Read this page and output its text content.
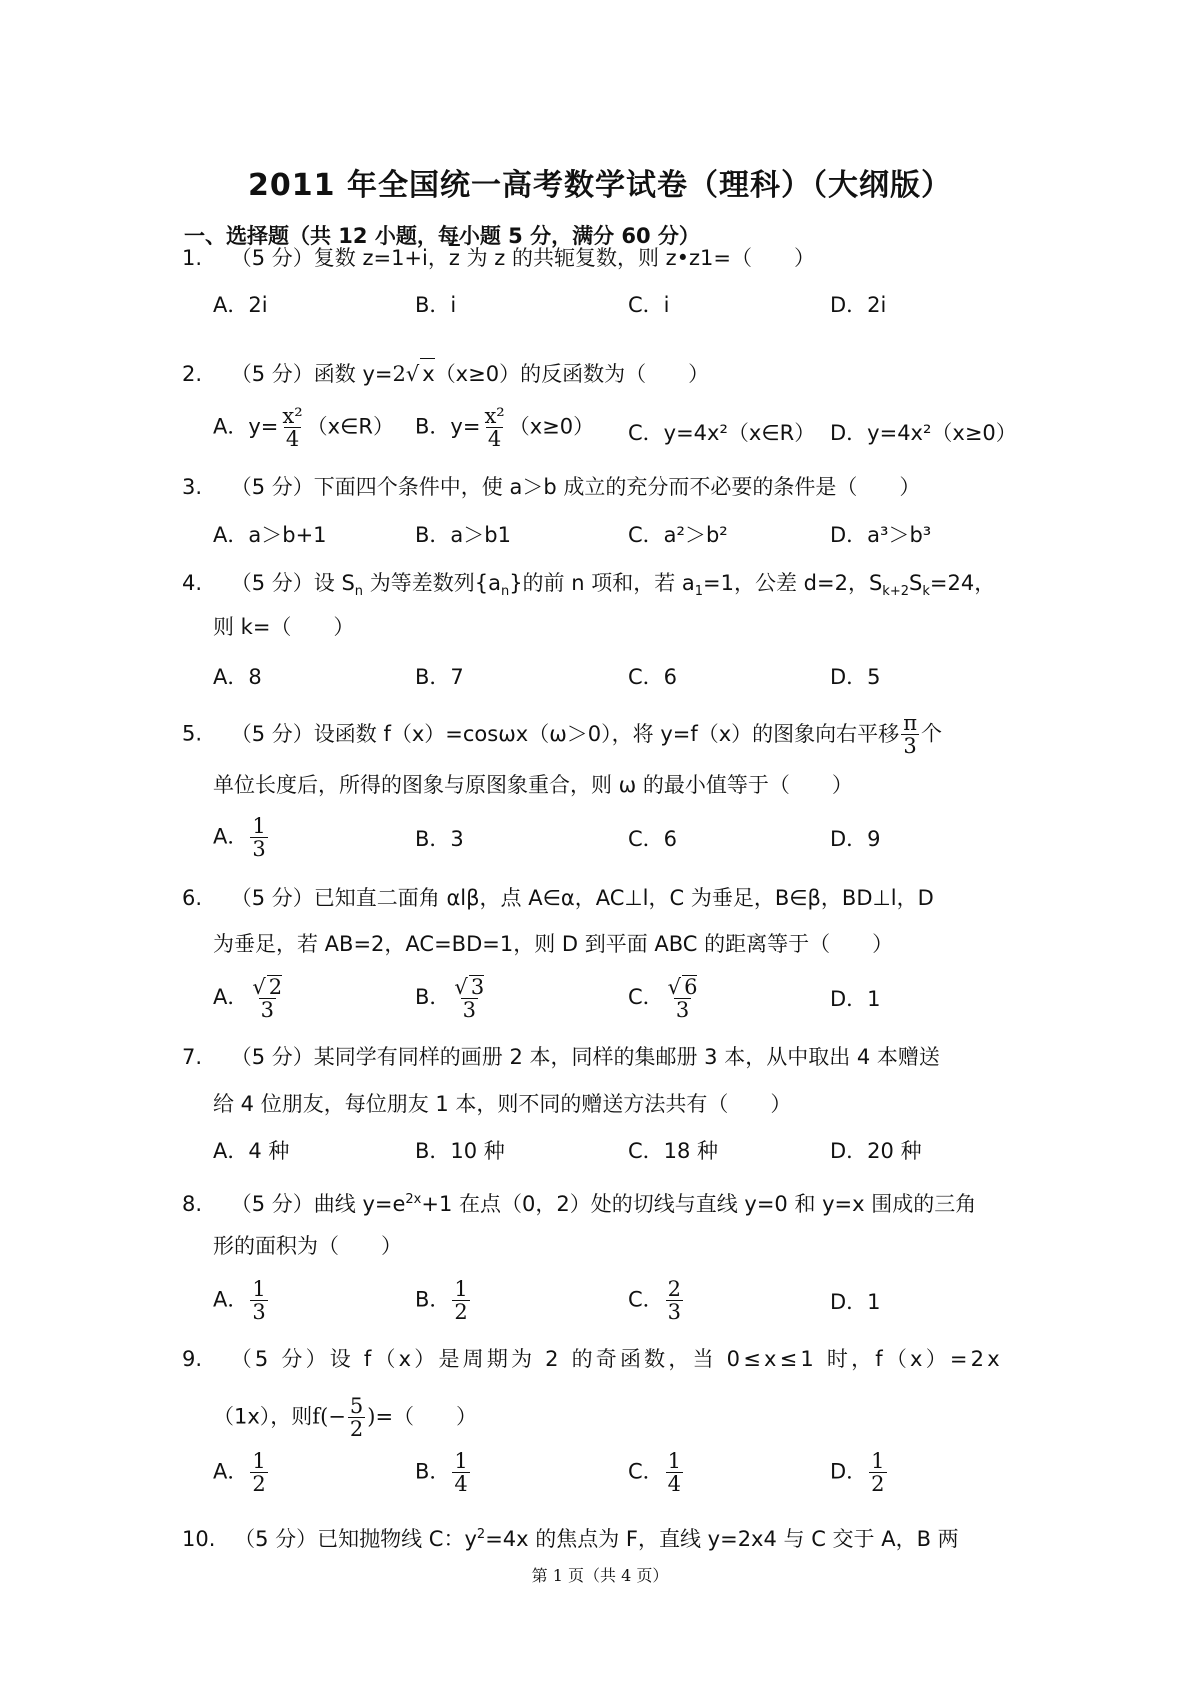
2011 年全国统一高考数学试卷（理科）（大纲版）
一、选择题（共 12 小题，每小题 5 分，满分 60 分）
1. （5 分）复数 z=1+i，$\overline{z}$ 为 z 的共轭复数，则 z•z﻿1=（　　）
A．﻿2i	B．﻿i	C．i	D．2i
2. （5 分）函数 y=2√ x（x≥0）的反函数为（　　）
A．$y= \frac{\text{x²}}{4}$ （x∈R） B．$y= \frac{\text{x²}}{4} (x\ge 0)$ C．y=4x²（x∈R） D．y=4x²（x≥0）
3. （5 分）下面四个条件中，使 a＞b 成立的充分而不必要的条件是（　　）
A．a＞b+1	B．a＞b﻿1	C．a²＞b²	D．a³＞b³
4. （5 分）设 $S_n$ 为等差数列$\{a_n\}$的前 n 项和，若 $a_1=1$，公差 d=2，$S_{k+2}﻿S_k=24$，
则 k=（　　）
A．8	B．7	C．6	D．5
5. （5 分）设函数 f（x）=cosωx（ω＞0），将 y=f（x）的图象向右平移 $\frac{\pi}{3}$ 个
单位长度后，所得的图象与原图象重合，则 ω 的最小值等于（　　）
A． $\frac{1}{3}$	B．3	C．6	D．9
6. （5 分）已知直二面角 α﻿l﻿β，点 A∈α，AC⊥l，C 为垂足，B∈β，BD⊥l，D
为垂足，若 AB=2，AC=BD=1，则 D 到平面 ABC 的距离等于（　　）
A． $\frac{√ 2}{3}$	B． $\frac{√ 3}{3}$	C． $\frac{√ 6}{3}$	D．1
7. （5 分）某同学有同样的画册 2 本，同样的集邮册 3 本，从中取出 4 本赠送
给 4 位朋友，每位朋友 1 本，则不同的赠送方法共有（　　）
A．4 种	B．10 种	C．18 种	D．20 种
8. （5 分）曲线 y=e﻿$^{2x}$+1 在点（0，2）处的切线与直线 y=0 和 y=x 围成的三角
形的面积为（　　）
A． $\frac{1}{3}$	B． $\frac{1}{2}$	C． $\frac{2}{3}$	D．1
9. （5 分）设 f（x）是周期为 2 的奇函数，当 0≤x≤1 时，f（x）=2x
（1﻿x），则$f(- \frac{5}{2}$ )=（　　）
A．﻿ $\frac{1}{2}$	B．﻿ $\frac{1}{4}$	C． $\frac{1}{4}$	D． $\frac{1}{2}$
10. （5 分）已知抛物线 C：$y^2=4x$ 的焦点为 F，直线 y=2x﻿4 与 C 交于 A，B 两
第 1 页（共 4 页）
